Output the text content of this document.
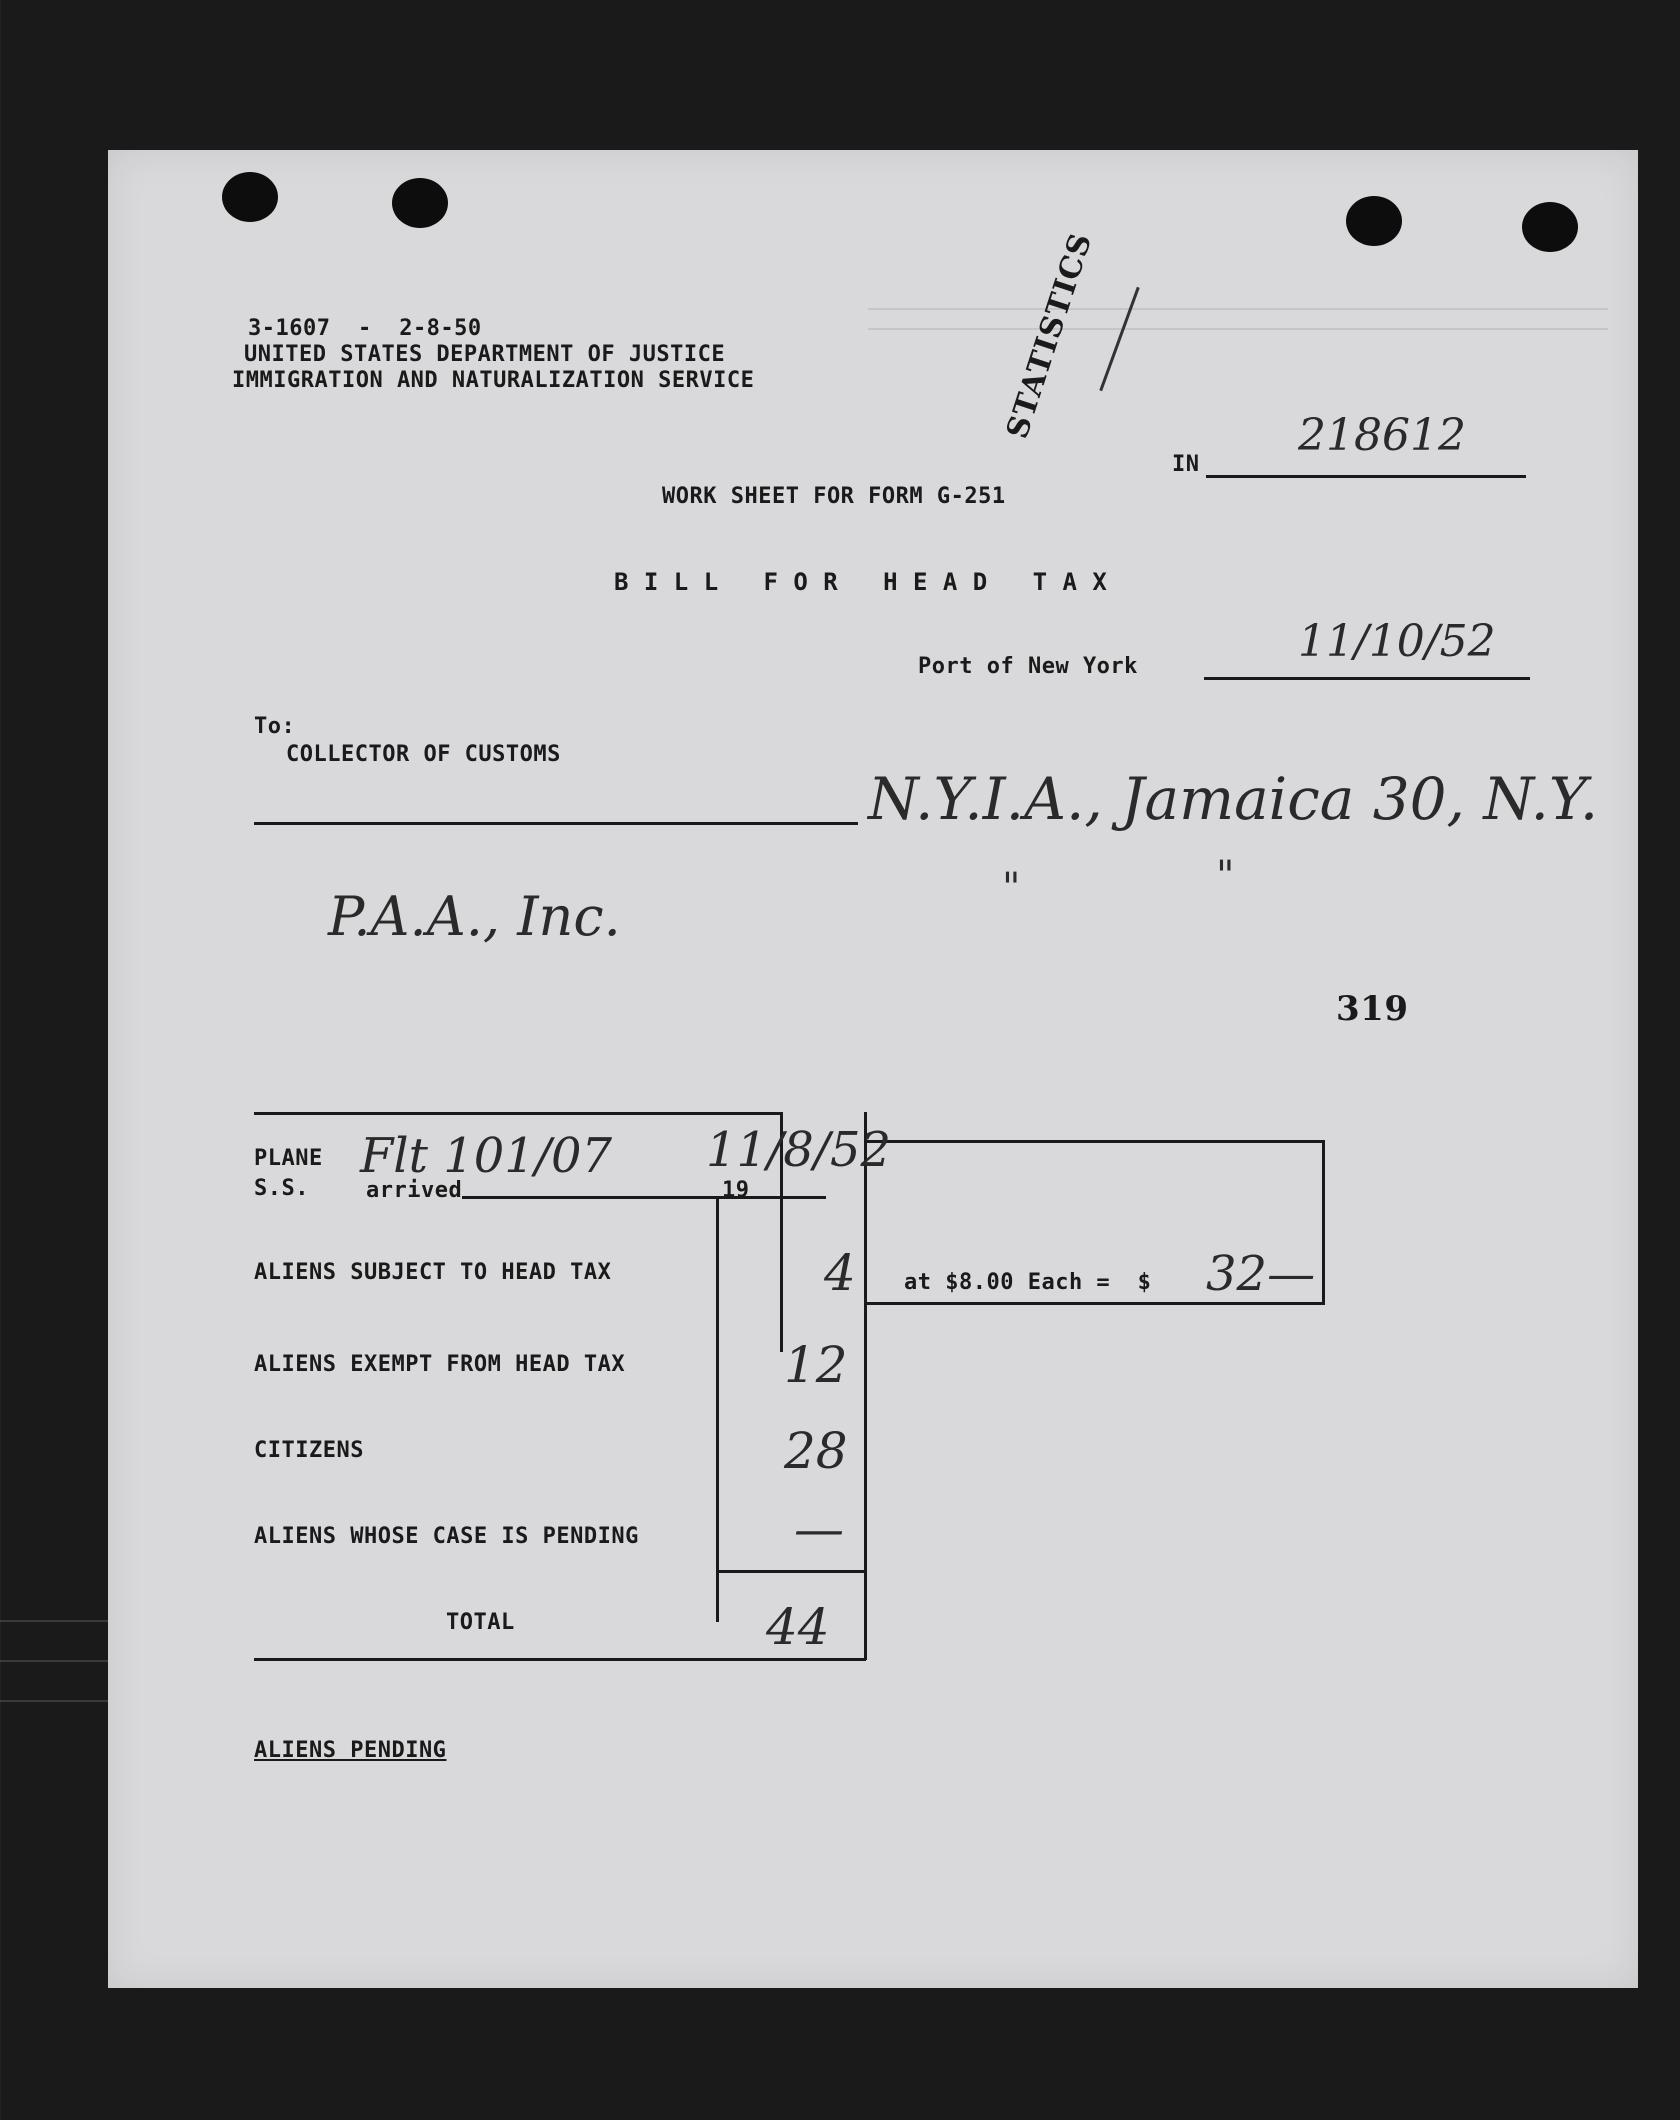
3-1607  -  2-8-50
UNITED STATES DEPARTMENT OF JUSTICE
IMMIGRATION AND NATURALIZATION SERVICE	STATISTICS
IN
218612
WORK SHEET FOR FORM G-251
B I L L   F O R   H E A D   T A X
Port of New York	11/10/52
To:
COLLECTOR OF CUSTOMS
N.Y.I.A., Jamaica 30, N.Y.
P.A.A., Inc.	"	"
319
PLANE
S.S.	arrived	19
Flt 101/07 11/8/52
ALIENS SUBJECT TO HEAD TAX	4
ALIENS EXEMPT FROM HEAD TAX	12
CITIZENS	28
ALIENS WHOSE CASE IS PENDING	—
TOTAL	44
at $8.00 Each =  $ 32—
ALIENS PENDING
